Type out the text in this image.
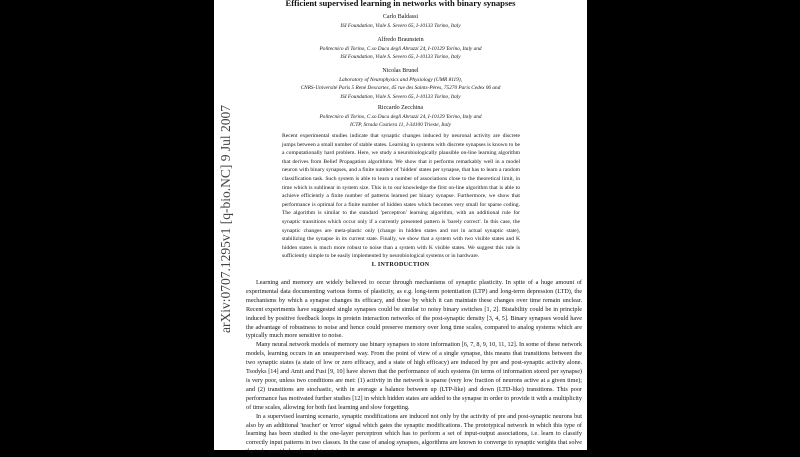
Efficient supervised learning in networks with binary synapses
Carlo Baldassi
ISI Foundation, Viale S. Severo 65, I-10133 Torino, Italy
Alfredo Braunstein
Politecnico di Torino, C.so Duca degli Abruzzi 24, I-10129 Torino, Italy and
ISI Foundation, Viale S. Severo 65, I-10133 Torino, Italy
Nicolas Brunel
Laboratory of Neurophysics and Physiology (UMR 8119),
CNRS-Université Paris 5 René Descartes, 45 rue des Saints-Pères, 75270 Paris Cedex 06 and
ISI Foundation, Viale S. Severo 65, I-10133 Torino, Italy
Riccardo Zecchina
Politecnico di Torino, C.so Duca degli Abruzzi 24, I-10129 Torino, Italy and
ICTP, Strada Costiera 11, I-34100 Trieste, Italy
Recent experimental studies indicate that synaptic changes induced by neuronal activity are discrete jumps between a small number of stable states. Learning in systems with discrete synapses is known to be a computationally hard problem. Here, we study a neurobiologically plausible on-line learning algorithm that derives from Belief Propagation algorithms. We show that it performs remarkably well in a model neuron with binary synapses, and a finite number of 'hidden' states per synapse, that has to learn a random classification task. Such system is able to learn a number of associations close to the theoretical limit, in time which is sublinear in system size. This is to our knowledge the first on-line algorithm that is able to achieve efficiently a finite number of patterns learned per binary synapse. Furthermore, we show that performance is optimal for a finite number of hidden states which becomes very small for sparse coding. The algorithm is similar to the standard 'perceptron' learning algorithm, with an additional rule for synaptic transitions which occur only if a currently presented pattern is 'barely correct'. In this case, the synaptic changes are meta-plastic only (change in hidden states and not in actual synaptic state), stabilizing the synapse in its current state. Finally, we show that a system with two visible states and K hidden states is much more robust to noise than a system with K visible states. We suggest this rule is sufficiently simple to be easily implemented by neurobiological systems or in hardware.
I. INTRODUCTION

Learning and memory are widely believed to occur through mechanisms of synaptic plasticity. In spite of a huge amount of experimental data documenting various forms of plasticity, as e.g. long-term potentiation (LTP) and long-term depression (LTD), the mechanisms by which a synapse changes its efficacy, and those by which it can maintain these changes over time remain unclear. Recent experiments have suggested single synapses could be similar to noisy binary switches [1, 2]. Bistability could be in principle induced by positive feedback loops in protein interaction networks of the post-synaptic density [3, 4, 5]. Binary synapses would have the advantage of robustness to noise and hence could preserve memory over long time scales, compared to analog systems which are typically much more sensitive to noise.

Many neural network models of memory use binary synapses to store information [6, 7, 8, 9, 10, 11, 12]. In some of these network models, learning occurs in an unsupervised way. From the point of view of a single synapse, this means that transitions between the two synaptic states (a state of low or zero efficacy, and a state of high efficacy) are induced by pre and post-synaptic activity alone. Tsodyks [14] and Amit and Fusi [9, 10] have shown that the performance of such systems (in terms of information stored per synapse) is very poor, unless two conditions are met: (1) activity in the network is sparse (very low fraction of neurons active at a given time); and (2) transitions are stochastic, with in average a balance between up (LTP-like) and down (LTD-like) transitions. This poor performance has motivated further studies [12] in which hidden states are added to the synapse in order to provide it with a multiplicity of time scales, allowing for both fast learning and slow forgetting.

In a supervised learning scenario, synaptic modifications are induced not only by the activity of pre and post-synaptic neurons but also by an additional 'teacher' or 'error' signal which gates the synaptic modifications. The prototypical network in which this type of learning has been studied is the one-layer perceptron which has to perform a set of input-output associations, i.e. learn to classify correctly input patterns in two classes. In the case of analog synapses, algorithms are known to converge to synaptic weights that solve the task, provided such weights exist

arXiv:0707.1295v1 [q-bio.NC] 9 Jul 2007
